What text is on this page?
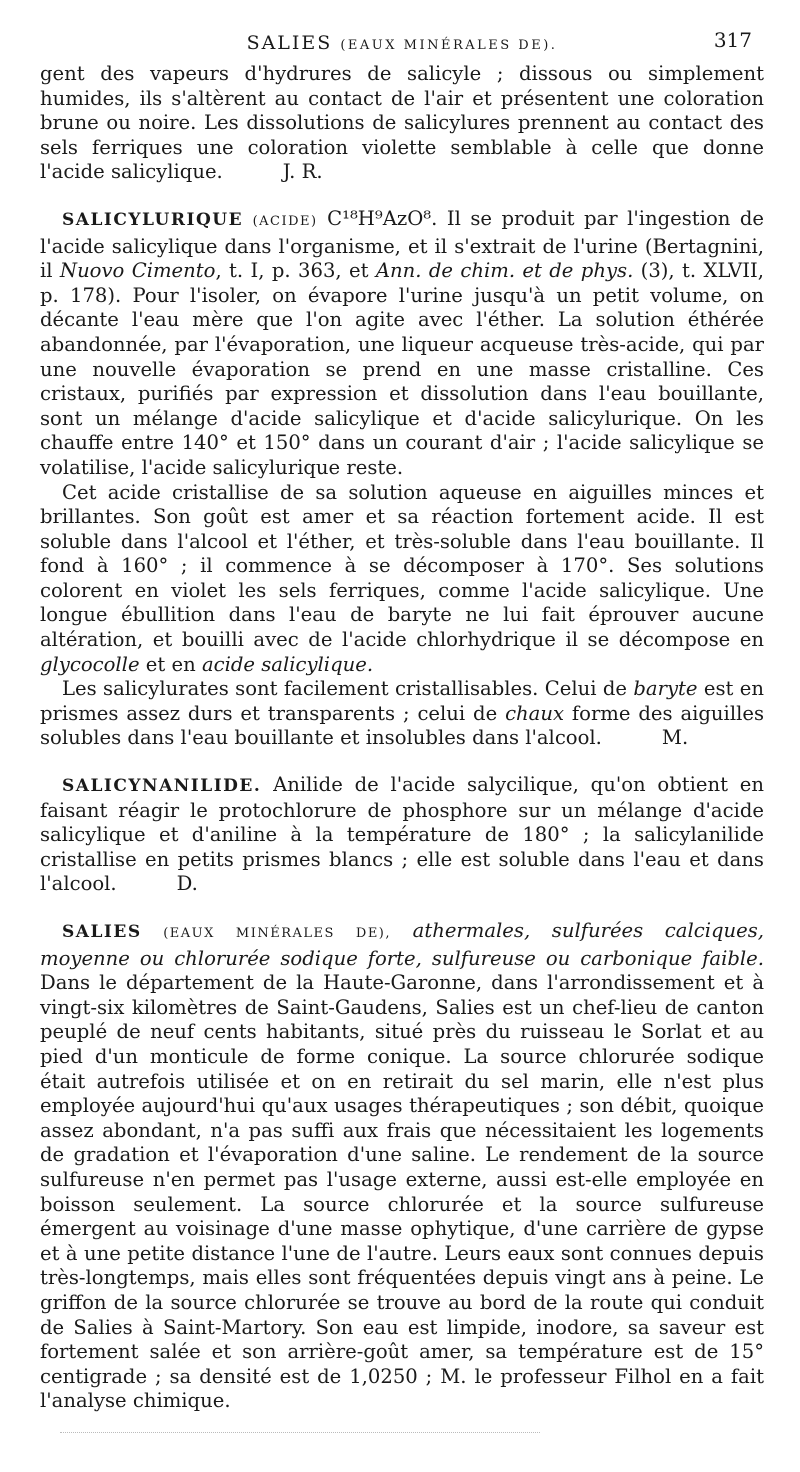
SALIES (EAUX MINÉRALES DE).	317

gent des vapeurs d'hydrures de salicyle ; dissous ou simplement humides, ils s'altèrent au contact de l'air et présentent une coloration brune ou noire. Les dissolutions de salicylures prennent au contact des sels ferriques une coloration violette semblable à celle que donne l'acide salicylique.	J. R.

SALICYLURIQUE (ACIDE) C¹⁸H⁹AzO⁸. Il se produit par l'ingestion de l'acide salicylique dans l'organisme, et il s'extrait de l'urine (Bertagnini, il Nuovo Cimento, t. I, p. 363, et Ann. de chim. et de phys. (3), t. XLVII, p. 178). Pour l'isoler, on évapore l'urine jusqu'à un petit volume, on décante l'eau mère que l'on agite avec l'éther. La solution éthérée abandonnée, par l'évaporation, une liqueur acqueuse très-acide, qui par une nouvelle évaporation se prend en une masse cristalline. Ces cristaux, purifiés par expression et dissolution dans l'eau bouillante, sont un mélange d'acide salicylique et d'acide salicylurique. On les chauffe entre 140° et 150° dans un courant d'air ; l'acide salicylique se volatilise, l'acide salicylurique reste.

Cet acide cristallise de sa solution aqueuse en aiguilles minces et brillantes. Son goût est amer et sa réaction fortement acide. Il est soluble dans l'alcool et l'éther, et très-soluble dans l'eau bouillante. Il fond à 160° ; il commence à se décomposer à 170°. Ses solutions colorent en violet les sels ferriques, comme l'acide salicylique. Une longue ébullition dans l'eau de baryte ne lui fait éprouver aucune altération, et bouilli avec de l'acide chlorhydrique il se décompose en glycocolle et en acide salicylique.

Les salicylurates sont facilement cristallisables. Celui de baryte est en prismes assez durs et transparents ; celui de chaux forme des aiguilles solubles dans l'eau bouillante et insolubles dans l'alcool.	M.

SALICYNANILIDE. Anilide de l'acide salycilique, qu'on obtient en faisant réagir le protochlorure de phosphore sur un mélange d'acide salicylique et d'aniline à la température de 180° ; la salicylanilide cristallise en petits prismes blancs ; elle est soluble dans l'eau et dans l'alcool.	D.

SALIES (EAUX MINÉRALES DE), athermales, sulfurées calciques, moyenne ou chlorurée sodique forte, sulfureuse ou carbonique faible. Dans le département de la Haute-Garonne, dans l'arrondissement et à vingt-six kilomètres de Saint-Gaudens, Salies est un chef-lieu de canton peuplé de neuf cents habitants, situé près du ruisseau le Sorlat et au pied d'un monticule de forme conique. La source chlorurée sodique était autrefois utilisée et on en retirait du sel marin, elle n'est plus employée aujourd'hui qu'aux usages thérapeutiques ; son débit, quoique assez abondant, n'a pas suffi aux frais que nécessitaient les logements de gradation et l'évaporation d'une saline. Le rendement de la source sulfureuse n'en permet pas l'usage externe, aussi est-elle employée en boisson seulement. La source chlorurée et la source sulfureuse émergent au voisinage d'une masse ophytique, d'une carrière de gypse et à une petite distance l'une de l'autre. Leurs eaux sont connues depuis très-longtemps, mais elles sont fréquentées depuis vingt ans à peine. Le griffon de la source chlorurée se trouve au bord de la route qui conduit de Salies à Saint-Martory. Son eau est limpide, inodore, sa saveur est fortement salée et son arrière-goût amer, sa température est de 15° centigrade ; sa densité est de 1,0250 ; M. le professeur Filhol en a fait l'analyse chimique.
